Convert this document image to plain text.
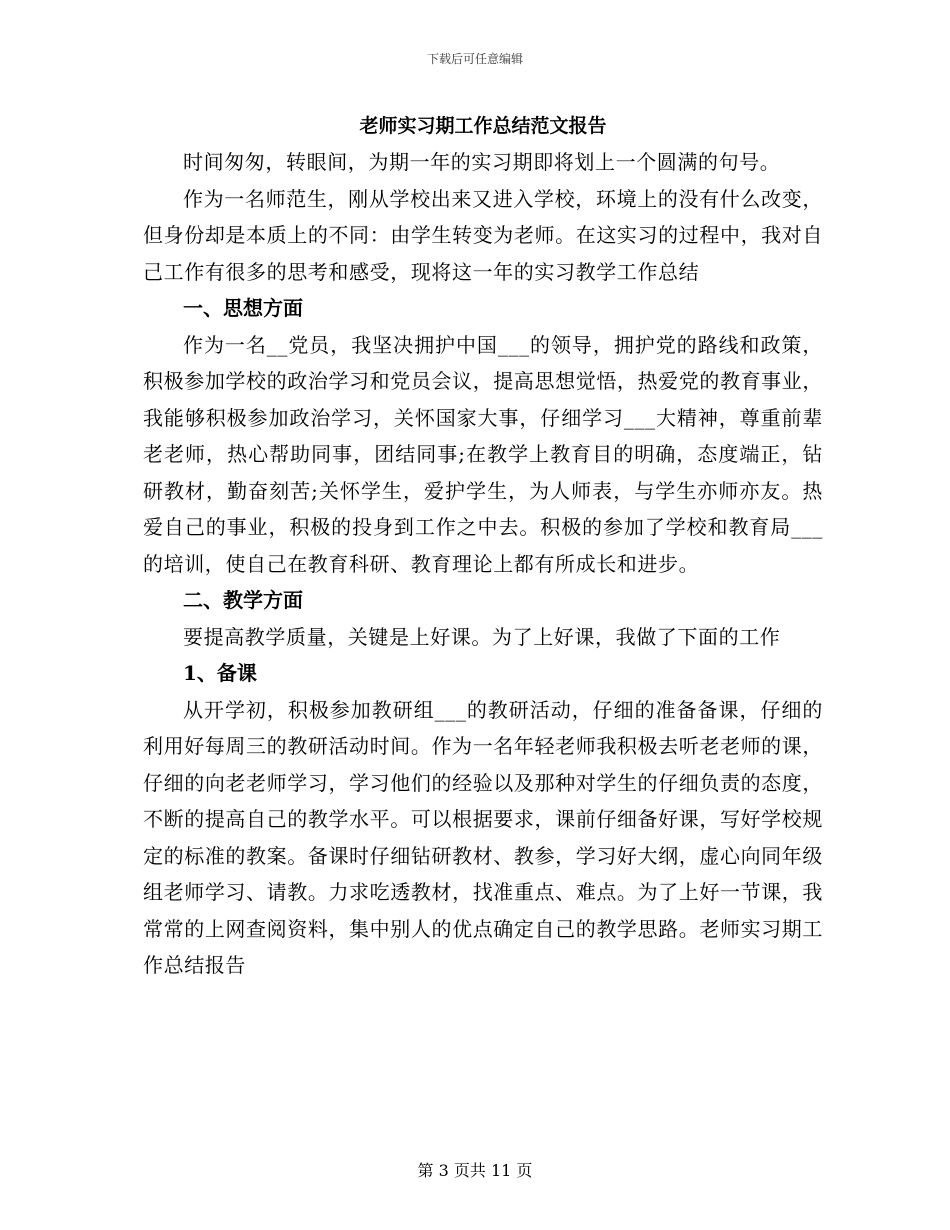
下载后可任意编辑
老师实习期工作总结范文报告

时间匆匆，转眼间，为期一年的实习期即将划上一个圆满的句号。

作为一名师范生，刚从学校出来又进入学校，环境上的没有什么改变，但身份却是本质上的不同：由学生转变为老师。在这实习的过程中，我对自己工作有很多的思考和感受，现将这一年的实习教学工作总结

一、思想方面

作为一名__党员，我坚决拥护中国___的领导，拥护党的路线和政策，积极参加学校的政治学习和党员会议，提高思想觉悟，热爱党的教育事业，我能够积极参加政治学习，关怀国家大事，仔细学习___大精神，尊重前辈老老师，热心帮助同事，团结同事;在教学上教育目的明确，态度端正，钻研教材，勤奋刻苦;关怀学生，爱护学生，为人师表，与学生亦师亦友。热爱自己的事业，积极的投身到工作之中去。积极的参加了学校和教育局___的培训，使自己在教育科研、教育理论上都有所成长和进步。

二、教学方面

要提高教学质量，关键是上好课。为了上好课，我做了下面的工作

1、备课

从开学初，积极参加教研组___的教研活动，仔细的准备备课，仔细的利用好每周三的教研活动时间。作为一名年轻老师我积极去听老老师的课，仔细的向老老师学习，学习他们的经验以及那种对学生的仔细负责的态度，不断的提高自己的教学水平。可以根据要求，课前仔细备好课，写好学校规定的标准的教案。备课时仔细钻研教材、教参，学习好大纲，虚心向同年级组老师学习、请教。力求吃透教材，找准重点、难点。为了上好一节课，我常常的上网查阅资料，集中别人的优点确定自己的教学思路。老师实习期工作总结报告

第 3 页共 11 页
